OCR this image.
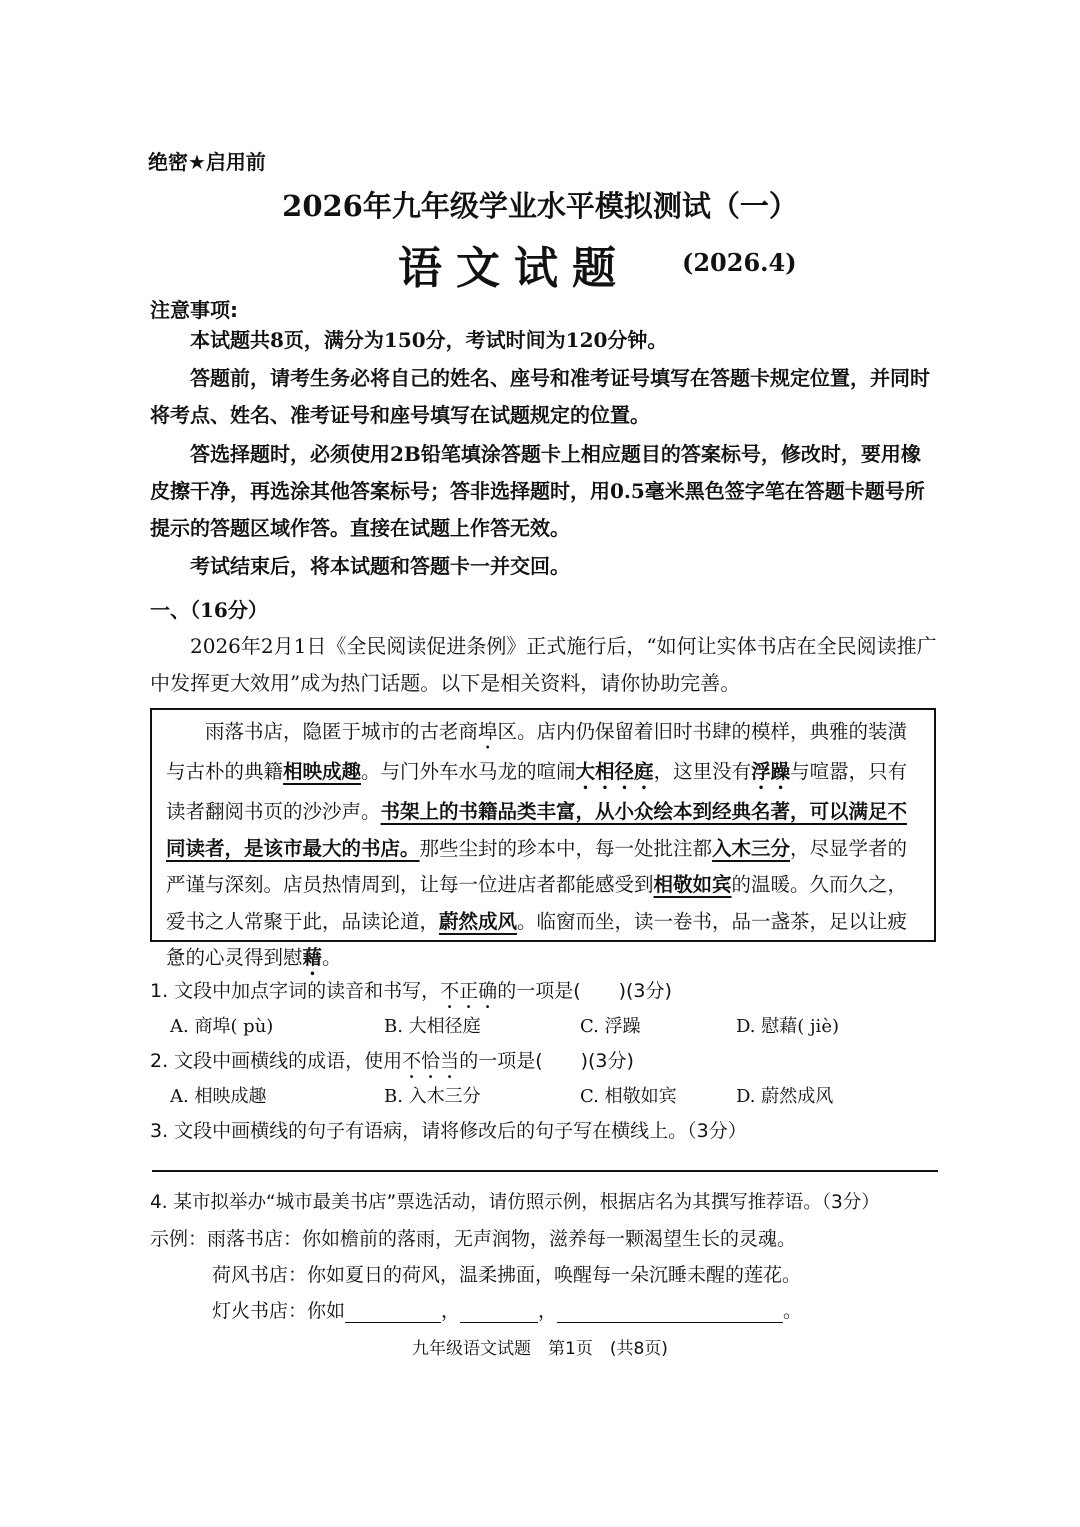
绝密★启用前
2026年九年级学业水平模拟测试（一）
语文试题 (2026.4)
注意事项:
本试题共8页，满分为150分，考试时间为120分钟。
答题前，请考生务必将自己的姓名、座号和准考证号填写在答题卡规定位置，并同时将考点、姓名、准考证号和座号填写在试题规定的位置。
答选择题时，必须使用2B铅笔填涂答题卡上相应题目的答案标号，修改时，要用橡皮擦干净，再选涂其他答案标号；答非选择题时，用0.5毫米黑色签字笔在答题卡题号所提示的答题区域作答。直接在试题上作答无效。
考试结束后，将本试题和答题卡一并交回。
一、（16分）
2026年2月1日《全民阅读促进条例》正式施行后，“如何让实体书店在全民阅读推广中发挥更大效用”成为热门话题。以下是相关资料，请你协助完善。
雨落书店，隐匿于城市的古老商埠区。店内仍保留着旧时书肆的模样，典雅的装潢与古朴的典籍相映成趣。与门外车水马龙的喧闹大相径庭，这里没有浮躁与喧嚣，只有读者翻阅书页的沙沙声。书架上的书籍品类丰富，从小众绘本到经典名著，可以满足不同读者，是该市最大的书店。那些尘封的珍本中，每一处批注都入木三分，尽显学者的严谨与深刻。店员热情周到，让每一位进店者都能感受到相敬如宾的温暖。久而久之，爱书之人常聚于此，品读论道，蔚然成风。临窗而坐，读一卷书，品一盏茶，足以让疲惫的心灵得到慰藉。
1. 文段中加点字词的读音和书写，不正确的一项是(　　)(3分)
A. 商埠( pù)	B. 大相径庭	C. 浮躁	D. 慰藉( jiè)
2. 文段中画横线的成语，使用不恰当的一项是(　　)(3分)
A. 相映成趣	B. 入木三分	C. 相敬如宾	D. 蔚然成风
3. 文段中画横线的句子有语病，请将修改后的句子写在横线上。（3分）
4. 某市拟举办“城市最美书店”票选活动，请仿照示例，根据店名为其撰写推荐语。（3分）
示例：雨落书店：你如檐前的落雨，无声润物，滋养每一颗渴望生长的灵魂。
荷风书店：你如夏日的荷风，温柔拂面，唤醒每一朵沉睡未醒的莲花。
灯火书店：你如	，	，	。
九年级语文试题　第1页　(共8页)
